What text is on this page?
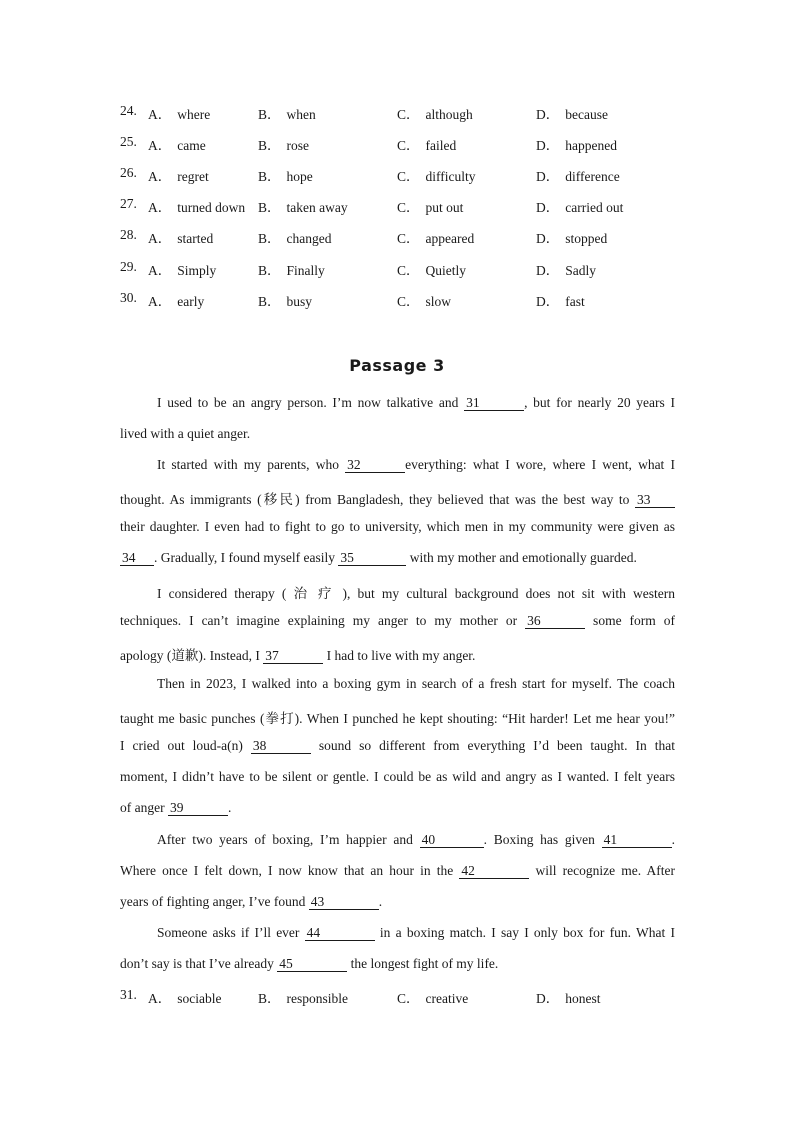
24. A． where	B． when	C． although	D． because
25. A． came	B． rose	C． failed	D． happened
26. A． regret	B． hope	C． difficulty	D． difference
27. A． turned down B． taken away	C． put out	D． carried out
28. A． started	B． changed	C． appeared	D． stopped
29. A． Simply	B． Finally	C． Quietly	D． Sadly
30. A． early	B． busy	C． slow	D． fast
Passage 3
I used to be an angry person. I’m now talkative and 31	, but for nearly 20 years I
lived with a quiet anger.
It started with my parents, who 32	everything: what I wore, where I went, what I
thought. As immigrants (移民) from Bangladesh, they believed that was the best way to 33
their daughter. I even had to fight to go to university, which men in my community were given as
34 . Gradually, I found myself easily 35	with my mother and emotionally guarded.
I considered therapy ( 治 疗 ), but my cultural background does not sit with western
techniques. I can’t imagine explaining my anger to my mother or 36	some form of
apology (道歉). Instead, I 37	I had to live with my anger.
Then in 2023, I walked into a boxing gym in search of a fresh start for myself. The coach
taught me basic punches (拳打). When I punched he kept shouting: “Hit harder! Let me hear you!”
I cried out loud-a(n) 38	sound so different from everything I’d been taught. In that
moment, I didn’t have to be silent or gentle. I could be as wild and angry as I wanted. I felt years
of anger 39	.
After two years of boxing, I’m happier and 40	. Boxing has given 41	.
Where once I felt down, I now know that an hour in the 42	will recognize me. After
years of fighting anger, I’ve found 43	.
Someone asks if I’ll ever 44	in a boxing match. I say I only box for fun. What I
don’t say is that I’ve already 45	the longest fight of my life.
31. A． sociable	B． responsible	C． creative	D． honest
